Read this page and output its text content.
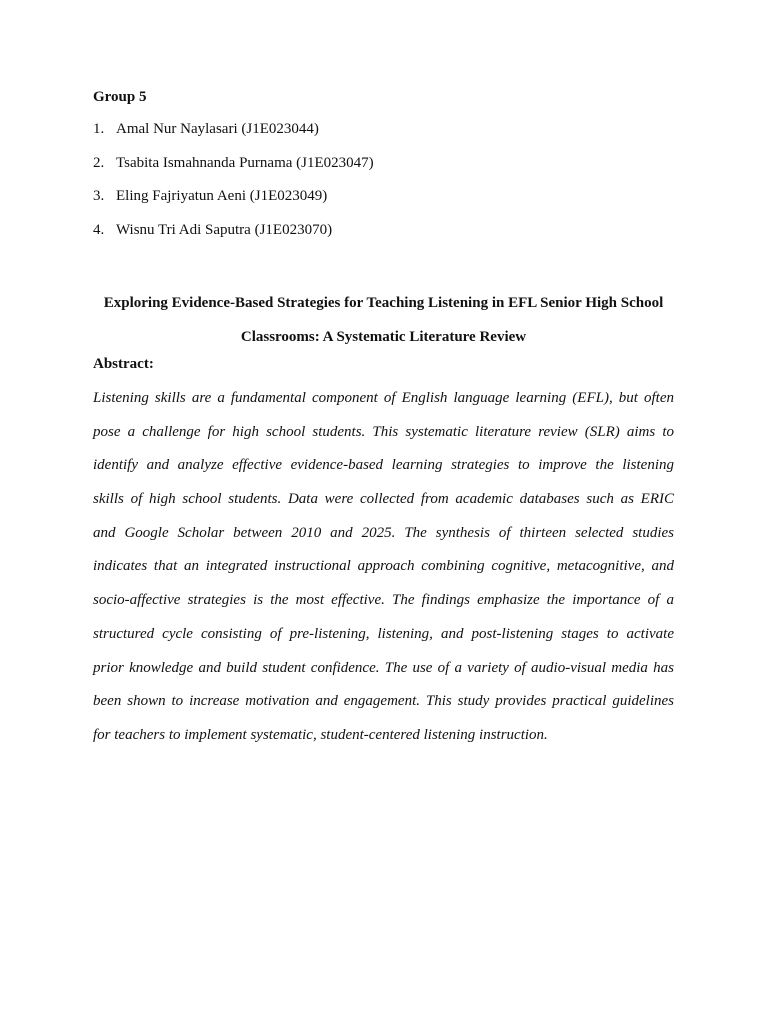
Group 5
1. Amal Nur Naylasari (J1E023044)
2. Tsabita Ismahnanda Purnama (J1E023047)
3. Eling Fajriyatun Aeni (J1E023049)
4. Wisnu Tri Adi Saputra (J1E023070)
Exploring Evidence-Based Strategies for Teaching Listening in EFL Senior High School
Classrooms: A Systematic Literature Review
Abstract:
Listening skills are a fundamental component of English language learning (EFL), but often
pose a challenge for high school students. This systematic literature review (SLR) aims to
identify and analyze effective evidence-based learning strategies to improve the listening
skills of high school students. Data were collected from academic databases such as ERIC
and Google Scholar between 2010 and 2025. The synthesis of thirteen selected studies
indicates that an integrated instructional approach combining cognitive, metacognitive, and
socio-affective strategies is the most effective. The findings emphasize the importance of a
structured cycle consisting of pre-listening, listening, and post-listening stages to activate
prior knowledge and build student confidence. The use of a variety of audio-visual media has
been shown to increase motivation and engagement. This study provides practical guidelines
for teachers to implement systematic, student-centered listening instruction.
